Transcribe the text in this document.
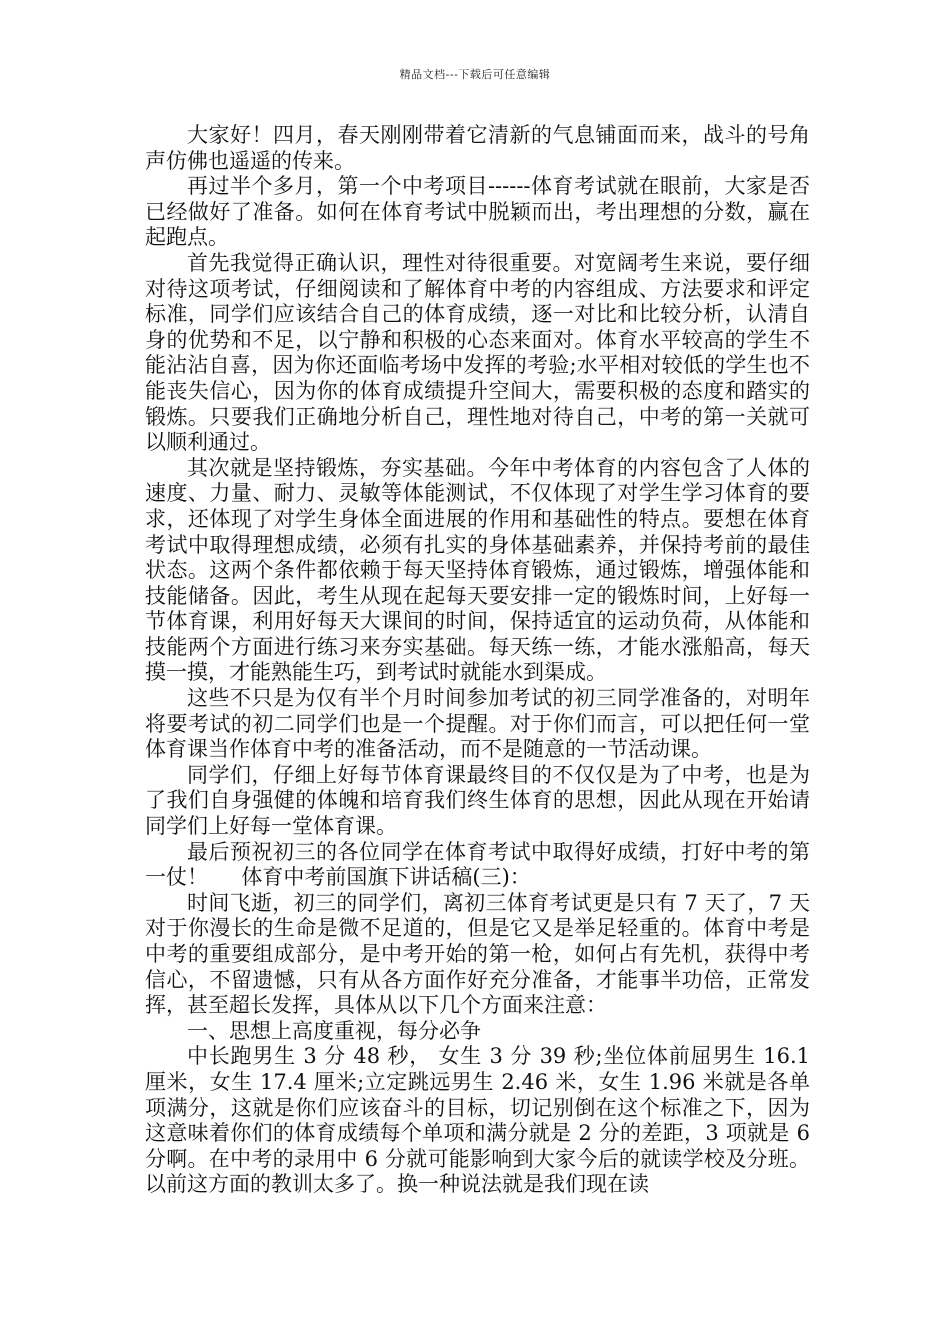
精品文档---下载后可任意编辑

大家好！四月，春天刚刚带着它清新的气息铺面而来，战斗的号角声仿佛也遥遥的传来。

再过半个多月，第一个中考项目------体育考试就在眼前，大家是否已经做好了准备。如何在体育考试中脱颖而出，考出理想的分数，赢在起跑点。

首先我觉得正确认识，理性对待很重要。对宽阔考生来说，要仔细对待这项考试，仔细阅读和了解体育中考的内容组成、方法要求和评定标准，同学们应该结合自己的体育成绩，逐一对比和比较分析，认清自身的优势和不足，以宁静和积极的心态来面对。体育水平较高的学生不能沾沾自喜，因为你还面临考场中发挥的考验;水平相对较低的学生也不能丧失信心，因为你的体育成绩提升空间大，需要积极的态度和踏实的锻炼。只要我们正确地分析自己，理性地对待自己，中考的第一关就可以顺利通过。

其次就是坚持锻炼，夯实基础。今年中考体育的内容包含了人体的速度、力量、耐力、灵敏等体能测试，不仅体现了对学生学习体育的要求，还体现了对学生身体全面进展的作用和基础性的特点。要想在体育考试中取得理想成绩，必须有扎实的身体基础素养，并保持考前的最佳状态。这两个条件都依赖于每天坚持体育锻炼，通过锻炼，增强体能和技能储备。因此，考生从现在起每天要安排一定的锻炼时间，上好每一节体育课，利用好每天大课间的时间，保持适宜的运动负荷，从体能和技能两个方面进行练习来夯实基础。每天练一练，才能水涨船高，每天摸一摸，才能熟能生巧，到考试时就能水到渠成。

这些不只是为仅有半个月时间参加考试的初三同学准备的，对明年将要考试的初二同学们也是一个提醒。对于你们而言，可以把任何一堂体育课当作体育中考的准备活动，而不是随意的一节活动课。

同学们，仔细上好每节体育课最终目的不仅仅是为了中考，也是为了我们自身强健的体魄和培育我们终生体育的思想，因此从现在开始请同学们上好每一堂体育课。

最后预祝初三的各位同学在体育考试中取得好成绩，打好中考的第一仗！     体育中考前国旗下讲话稿(三)：

时间飞逝，初三的同学们，离初三体育考试更是只有 7 天了，7 天对于你漫长的生命是微不足道的，但是它又是举足轻重的。体育中考是中考的重要组成部分，是中考开始的第一枪，如何占有先机，获得中考信心，不留遗憾，只有从各方面作好充分准备，才能事半功倍，正常发挥，甚至超长发挥，具体从以下几个方面来注意：

一、思想上高度重视，每分必争

中长跑男生 3 分 48 秒， 女生 3 分 39 秒;坐位体前屈男生 16.1 厘米，女生 17.4 厘米;立定跳远男生 2.46 米，女生 1.96 米就是各单项满分，这就是你们应该奋斗的目标，切记别倒在这个标准之下，因为这意味着你们的体育成绩每个单项和满分就是 2 分的差距，3 项就是 6 分啊。在中考的录用中 6 分就可能影响到大家今后的就读学校及分班。以前这方面的教训太多了。换一种说法就是我们现在读
